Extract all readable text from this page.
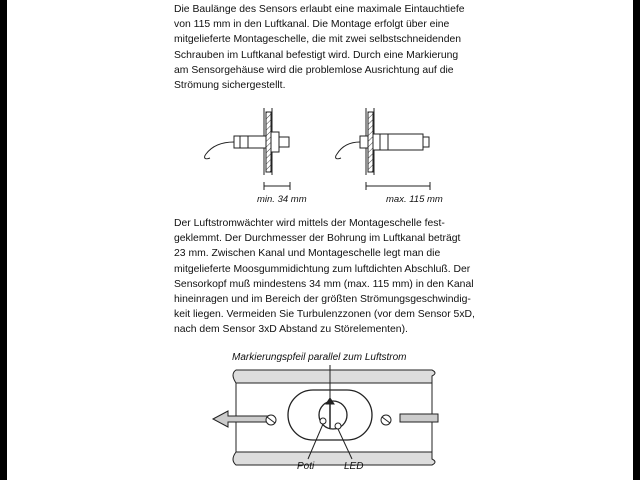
Die Baulänge des Sensors erlaubt eine maximale Eintauchtiefe
von 115 mm in den Luftkanal. Die Montage erfolgt über eine
mitgelieferte Montageschelle, die mit zwei selbstschneidenden
Schrauben im Luftkanal befestigt wird. Durch eine Markierung
am Sensorgehäuse wird die problemlose Ausrichtung auf die
Strömung sichergestellt.

min. 34 mm	max. 115 mm

Der Luftstromwächter wird mittels der Montageschelle fest-
geklemmt. Der Durchmesser der Bohrung im Luftkanal beträgt
23 mm. Zwischen Kanal und Montageschelle legt man die
mitgelieferte Moosgummidichtung zum luftdichten Abschluß. Der
Sensorkopf muß mindestens 34 mm (max. 115 mm) in den Kanal
hineinragen und im Bereich der größten Strömungsgeschwindig-
keit liegen. Vermeiden Sie Turbulenzzonen (vor dem Sensor 5xD,
nach dem Sensor 3xD Abstand zu Störelementen).

Markierungspfeil parallel zum Luftstrom
Poti	LED
